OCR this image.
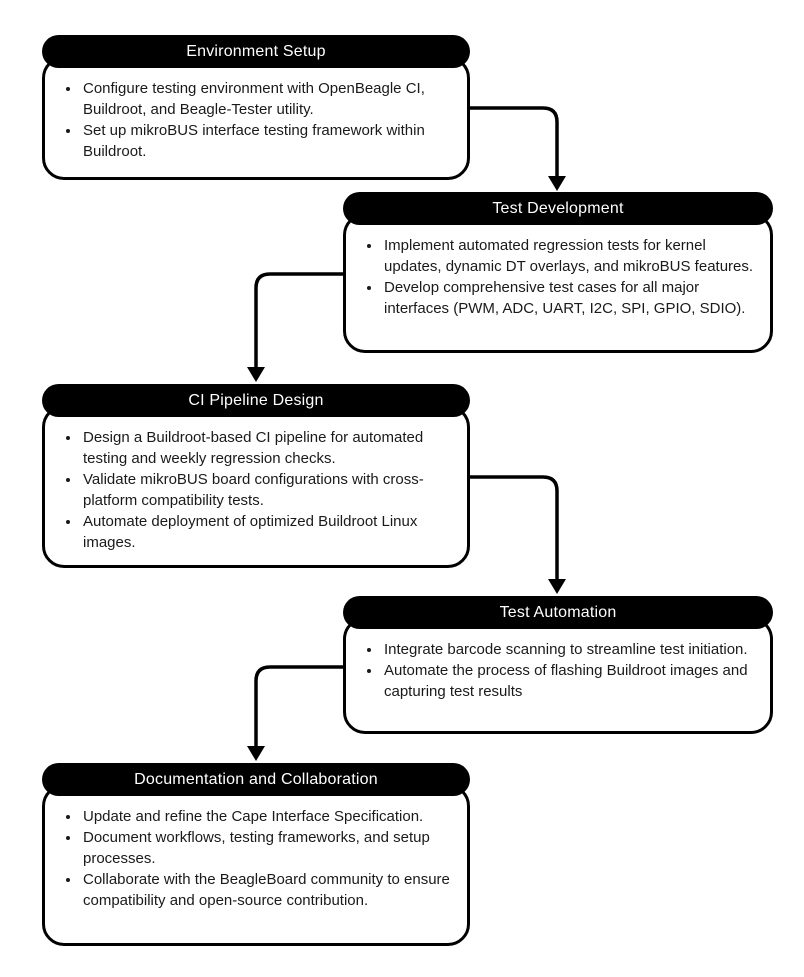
Environment Setup
• Configure testing environment with OpenBeagle CI, Buildroot, and Beagle-Tester utility.
• Set up mikroBUS interface testing framework within Buildroot.
Test Development
• Implement automated regression tests for kernel updates, dynamic DT overlays, and mikroBUS features.
• Develop comprehensive test cases for all major interfaces (PWM, ADC, UART, I2C, SPI, GPIO, SDIO).
CI Pipeline Design
• Design a Buildroot-based CI pipeline for automated testing and weekly regression checks.
• Validate mikroBUS board configurations with cross-platform compatibility tests.
• Automate deployment of optimized Buildroot Linux images.
Test Automation
• Integrate barcode scanning to streamline test initiation.
• Automate the process of flashing Buildroot images and capturing test results
Documentation and Collaboration
• Update and refine the Cape Interface Specification.
• Document workflows, testing frameworks, and setup processes.
• Collaborate with the BeagleBoard community to ensure compatibility and open-source contribution.
